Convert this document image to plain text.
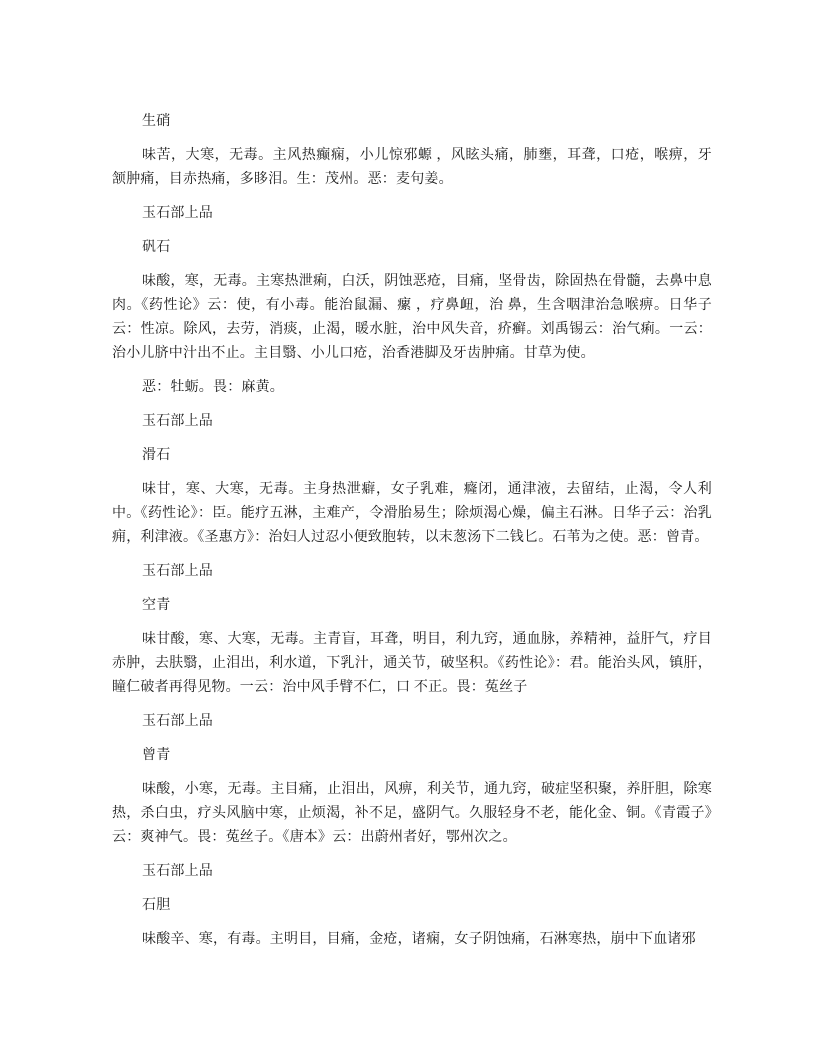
生硝
味苦，大寒，无毒。主风热癫痫，小儿惊邪螈 ，风眩头痛，肺壅，耳聋，口疮，喉痹，牙颔肿痛，目赤热痛，多眵泪。生：茂州。恶：麦句姜。
玉石部上品
矾石
味酸，寒，无毒。主寒热泄痢，白沃，阴蚀恶疮，目痛，坚骨齿，除固热在骨髓，去鼻中息肉。《药性论》云：使，有小毒。能治鼠漏、瘰 ，疗鼻衄，治 鼻，生含咽津治急喉痹。日华子云：性凉。除风，去劳，消痰，止渴，暖水脏，治中风失音，疥癣。刘禹锡云：治气痢。一云：治小儿脐中汁出不止。主目翳、小儿口疮，治香港脚及牙齿肿痛。甘草为使。
恶：牡蛎。畏：麻黄。
玉石部上品
滑石
味甘，寒、大寒，无毒。主身热泄癖，女子乳难，癃闭，通津液，去留结，止渴，令人利中。《药性论》：臣。能疗五淋，主难产，令滑胎易生；除烦渴心燥，偏主石淋。日华子云：治乳痈，利津液。《圣惠方》：治妇人过忍小便致胞转，以末葱汤下二钱匕。石苇为之使。恶：曾青。
玉石部上品
空青
味甘酸，寒、大寒，无毒。主青盲，耳聋，明目，利九窍，通血脉，养精神，益肝气，疗目赤肿，去肤翳，止泪出，利水道，下乳汁，通关节，破坚积。《药性论》：君。能治头风，镇肝，瞳仁破者再得见物。一云：治中风手臂不仁，口 不正。畏：菟丝子
玉石部上品
曾青
味酸，小寒，无毒。主目痛，止泪出，风痹，利关节，通九窍，破症坚积聚，养肝胆，除寒热，杀白虫，疗头风脑中寒，止烦渴，补不足，盛阴气。久服轻身不老，能化金、铜。《青霞子》云：爽神气。畏：菟丝子。《唐本》云：出蔚州者好，鄂州次之。
玉石部上品
石胆
味酸辛、寒，有毒。主明目，目痛，金疮，诸痫，女子阴蚀痛，石淋寒热，崩中下血诸邪
